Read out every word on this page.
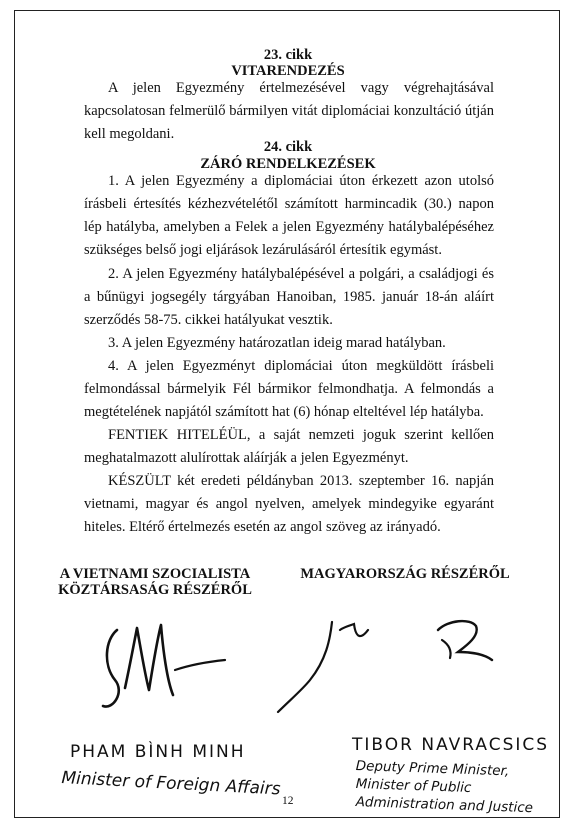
23. cikk
VITARENDEZÉS
A jelen Egyezmény értelmezésével vagy végrehajtásával kapcsolatosan felmerülő bármilyen vitát diplomáciai konzultáció útján kell megoldani.
24. cikk
ZÁRÓ RENDELKEZÉSEK
1. A jelen Egyezmény a diplomáciai úton érkezett azon utolsó írásbeli értesítés kézhezvételétől számított harmincadik (30.) napon lép hatályba, amelyben a Felek a jelen Egyezmény hatálybalépéséhez szükséges belső jogi eljárások lezárulásáról értesítik egymást.
2. A jelen Egyezmény hatálybalépésével a polgári, a családjogi és a bűnügyi jogsegély tárgyában Hanoiban, 1985. január 18-án aláírt szerződés 58-75. cikkei hatályukat vesztik.
3. A jelen Egyezmény határozatlan ideig marad hatályban.
4. A jelen Egyezményt diplomáciai úton megküldött írásbeli felmondással bármelyik Fél bármikor felmondhatja. A felmondás a megtételének napjától számított hat (6) hónap elteltével lép hatályba.
FENTIEK HITELÉÜL, a saját nemzeti joguk szerint kellően meghatalmazott alulírottak aláírják a jelen Egyezményt.
KÉSZÜLT két eredeti példányban 2013. szeptember 16. napján vietnami, magyar és angol nyelven, amelyek mindegyike egyaránt hiteles. Eltérő értelmezés esetén az angol szöveg az irányadó.
A VIETNAMI SZOCIALISTA
KÖZTÁRSASÁG RÉSZÉRŐL
MAGYARORSZÁG RÉSZÉRŐL
PHAM BÌNH MINH
Minister of Foreign Affairs
TIBOR NAVRACSICS
Deputy Prime Minister,
Minister of Public
Administration and Justice
12
